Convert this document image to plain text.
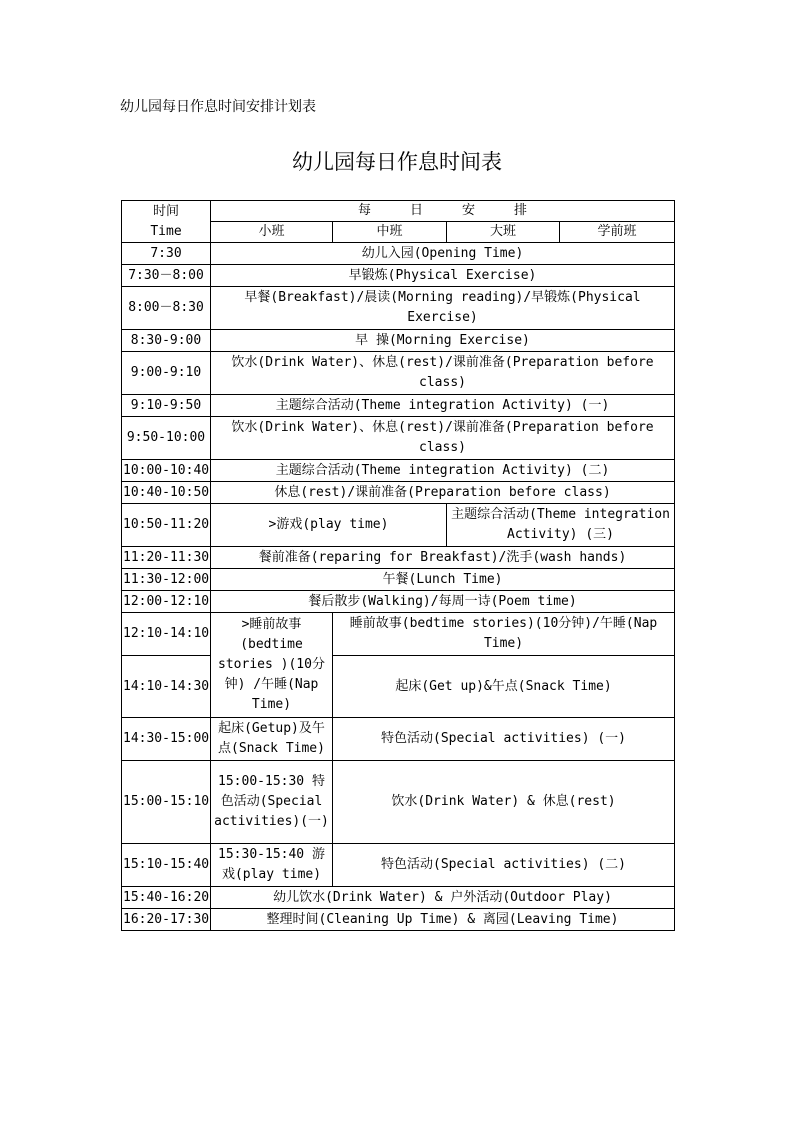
幼儿园每日作息时间安排计划表
幼儿园每日作息时间表
时间
Time	每　　　日　　　安　　　排			
	小班	中班	大班	学前班
7:30	幼儿入园(Opening Time)			
7:30－8:00	早锻炼(Physical Exercise)			
8:00－8:30	早餐(Breakfast)/晨读(Morning reading)/早锻炼(Physical Exercise)			
8:30-9:00	早 操(Morning Exercise)			
9:00-9:10	饮水(Drink Water)、休息(rest)/课前准备(Preparation before class)			
9:10-9:50	主题综合活动(Theme integration Activity) (一)			
9:50-10:00	饮水(Drink Water)、休息(rest)/课前准备(Preparation before class)			
10:00-10:40	主题综合活动(Theme integration Activity) (二)			
10:40-10:50	休息(rest)/课前准备(Preparation before class)			
10:50-11:20	>游戏(play time)		主题综合活动(Theme integration Activity) (三)	
11:20-11:30	餐前准备(reparing for Breakfast)/洗手(wash hands)			
11:30-12:00	午餐(Lunch Time)			
12:00-12:10	餐后散步(Walking)/每周一诗(Poem time)			
12:10-14:10	>睡前故事(bedtime stories )(10分钟) /午睡(Nap Time)	睡前故事(bedtime stories)(10分钟)/午睡(Nap Time)		
14:10-14:30		起床(Get up)&午点(Snack Time)		
14:30-15:00	起床(Getup)及午点(Snack Time)	特色活动(Special activities) (一)		
15:00-15:10	15:00-15:30 特色活动(Special activities)(一)	饮水(Drink Water) & 休息(rest)		
15:10-15:40	15:30-15:40 游戏(play time)	特色活动(Special activities) (二)		
15:40-16:20	幼儿饮水(Drink Water) & 户外活动(Outdoor Play)			
16:20-17:30	整理时间(Cleaning Up Time) & 离园(Leaving Time)			
